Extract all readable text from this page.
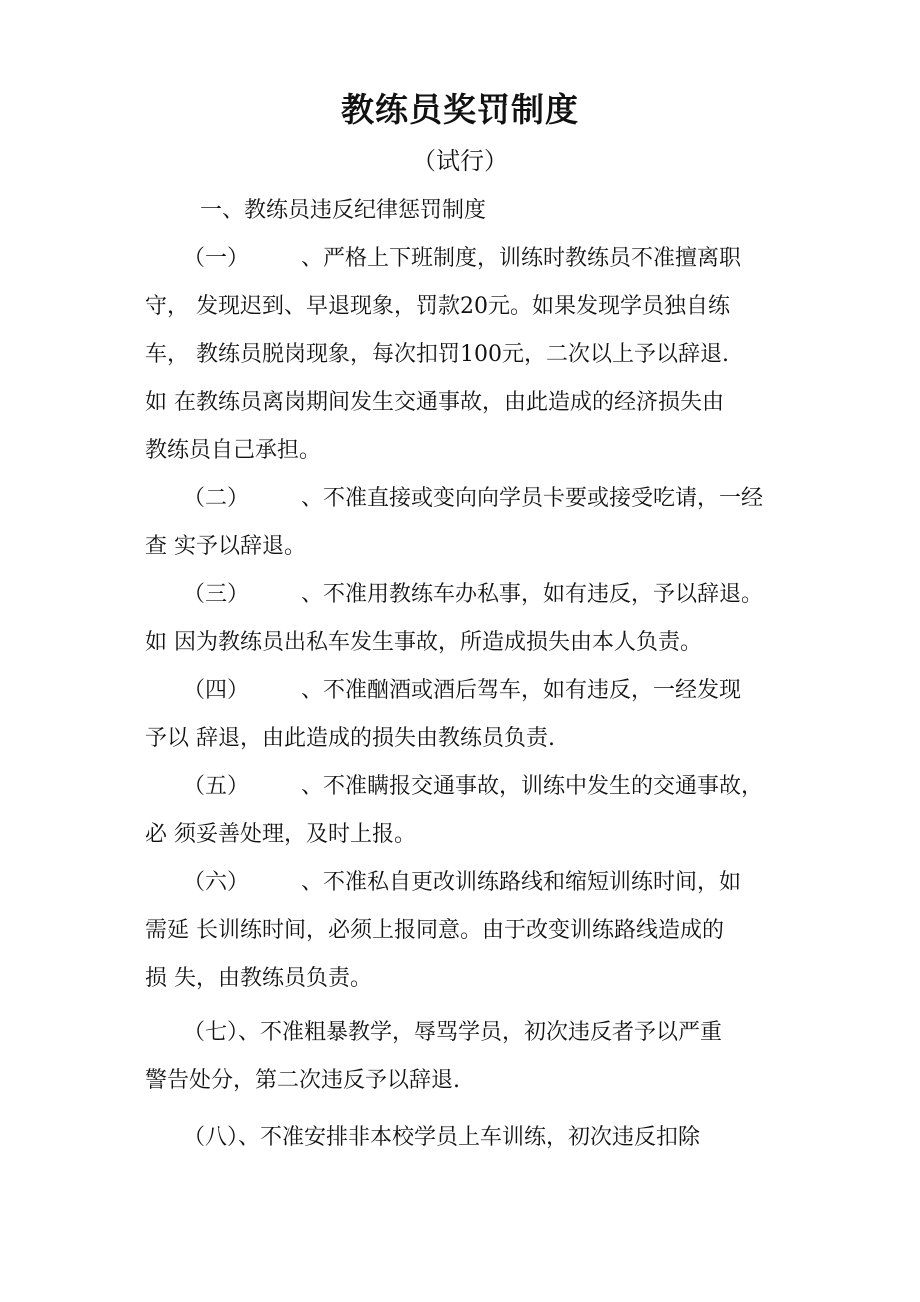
教练员奖罚制度
（试行）
一、教练员违反纪律惩罚制度
（一） 、严格上下班制度，训练时教练员不准擅离职
守， 发现迟到、早退现象，罚款20元。如果发现学员独自练
车， 教练员脱岗现象，每次扣罚100元，二次以上予以辞退.
如 在教练员离岗期间发生交通事故，由此造成的经济损失由
教练员自己承担。
（二） 、不准直接或变向向学员卡要或接受吃请，一经
查 实予以辞退。
（三） 、不准用教练车办私事，如有违反，予以辞退。
如 因为教练员出私车发生事故，所造成损失由本人负责。
（四） 、不准酗酒或酒后驾车，如有违反，一经发现
予以 辞退，由此造成的损失由教练员负责.
（五） 、不准瞒报交通事故，训练中发生的交通事故，
必 须妥善处理，及时上报。
（六） 、不准私自更改训练路线和缩短训练时间，如
需延 长训练时间，必须上报同意。由于改变训练路线造成的
损 失，由教练员负责。
（七）、不准粗暴教学，辱骂学员，初次违反者予以严重
警告处分，第二次违反予以辞退.
（八）、不准安排非本校学员上车训练，初次违反扣除
